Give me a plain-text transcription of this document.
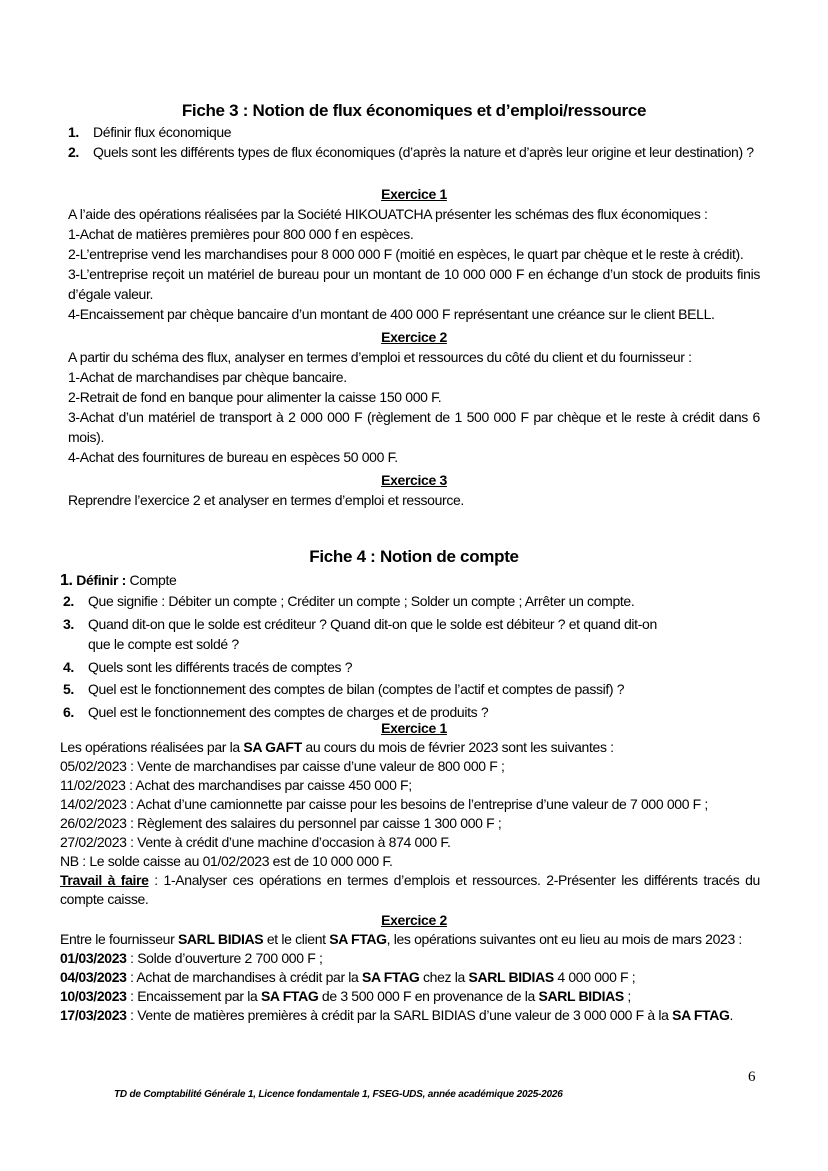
Fiche 3 : Notion de flux économiques et d’emploi/ressource
1. Définir flux économique
2. Quels sont les différents types de flux économiques (d’après la nature et d’après leur origine et leur destination) ?
Exercice 1

A l’aide des opérations réalisées par la Société HIKOUATCHA présenter les schémas des flux économiques :

1-Achat de matières premières pour 800 000 f en espèces.

2-L’entreprise vend les marchandises pour 8 000 000 F (moitié en espèces, le quart par chèque et le reste à crédit).

3-L’entreprise reçoit un matériel de bureau pour un montant de 10 000 000 F en échange d’un stock de produits finis d’égale valeur.

4-Encaissement par chèque bancaire d’un montant de 400 000 F représentant une créance sur le client BELL.

Exercice 2

A partir du schéma des flux, analyser en termes d’emploi et ressources du côté du client et du fournisseur :

1-Achat de marchandises par chèque bancaire.

2-Retrait de fond en banque pour alimenter la caisse 150 000 F.

3-Achat d’un matériel de transport à 2 000 000 F (règlement de 1 500 000 F par chèque et le reste à crédit dans 6 mois).

4-Achat des fournitures de bureau en espèces 50 000 F.

Exercice 3

Reprendre l’exercice 2 et analyser en termes d’emploi et ressource.

Fiche 4 : Notion de compte
1. Définir : Compte
2. Que signifie : Débiter un compte ; Créditer un compte ; Solder un compte ; Arrêter un compte.
3. Quand dit-on que le solde est créditeur ? Quand dit-on que le solde est débiteur ? et quand dit-on
que le compte est soldé ?
4. Quels sont les différents tracés de comptes ?
5. Quel est le fonctionnement des comptes de bilan (comptes de l’actif et comptes de passif) ?
6. Quel est le fonctionnement des comptes de charges et de produits ?
Exercice 1

Les opérations réalisées par la SA GAFT au cours du mois de février 2023 sont les suivantes :

05/02/2023 : Vente de marchandises par caisse d’une valeur de 800 000 F ;

11/02/2023 : Achat des marchandises par caisse 450 000 F;

14/02/2023 : Achat d’une camionnette par caisse pour les besoins de l’entreprise d’une valeur de 7 000 000 F ;

26/02/2023 : Règlement des salaires du personnel par caisse 1 300 000 F ;

27/02/2023 : Vente à crédit d’une machine d’occasion à 874 000 F.

NB : Le solde caisse au 01/02/2023 est de 10 000 000 F.

Travail à faire : 1-Analyser ces opérations en termes d’emplois et ressources. 2-Présenter les différents tracés du compte caisse.

Exercice 2

Entre le fournisseur SARL BIDIAS et le client SA FTAG, les opérations suivantes ont eu lieu au mois de mars 2023 :

01/03/2023 : Solde d’ouverture 2 700 000 F ;

04/03/2023 : Achat de marchandises à crédit par la SA FTAG chez la SARL BIDIAS 4 000 000 F ;

10/03/2023 : Encaissement par la SA FTAG de 3 500 000 F en provenance de la SARL BIDIAS ;

17/03/2023 : Vente de matières premières à crédit par la SARL BIDIAS d’une valeur de 3 000 000 F à la SA FTAG.

6
TD de Comptabilité Générale 1, Licence fondamentale 1, FSEG-UDS, année académique 2025-2026
